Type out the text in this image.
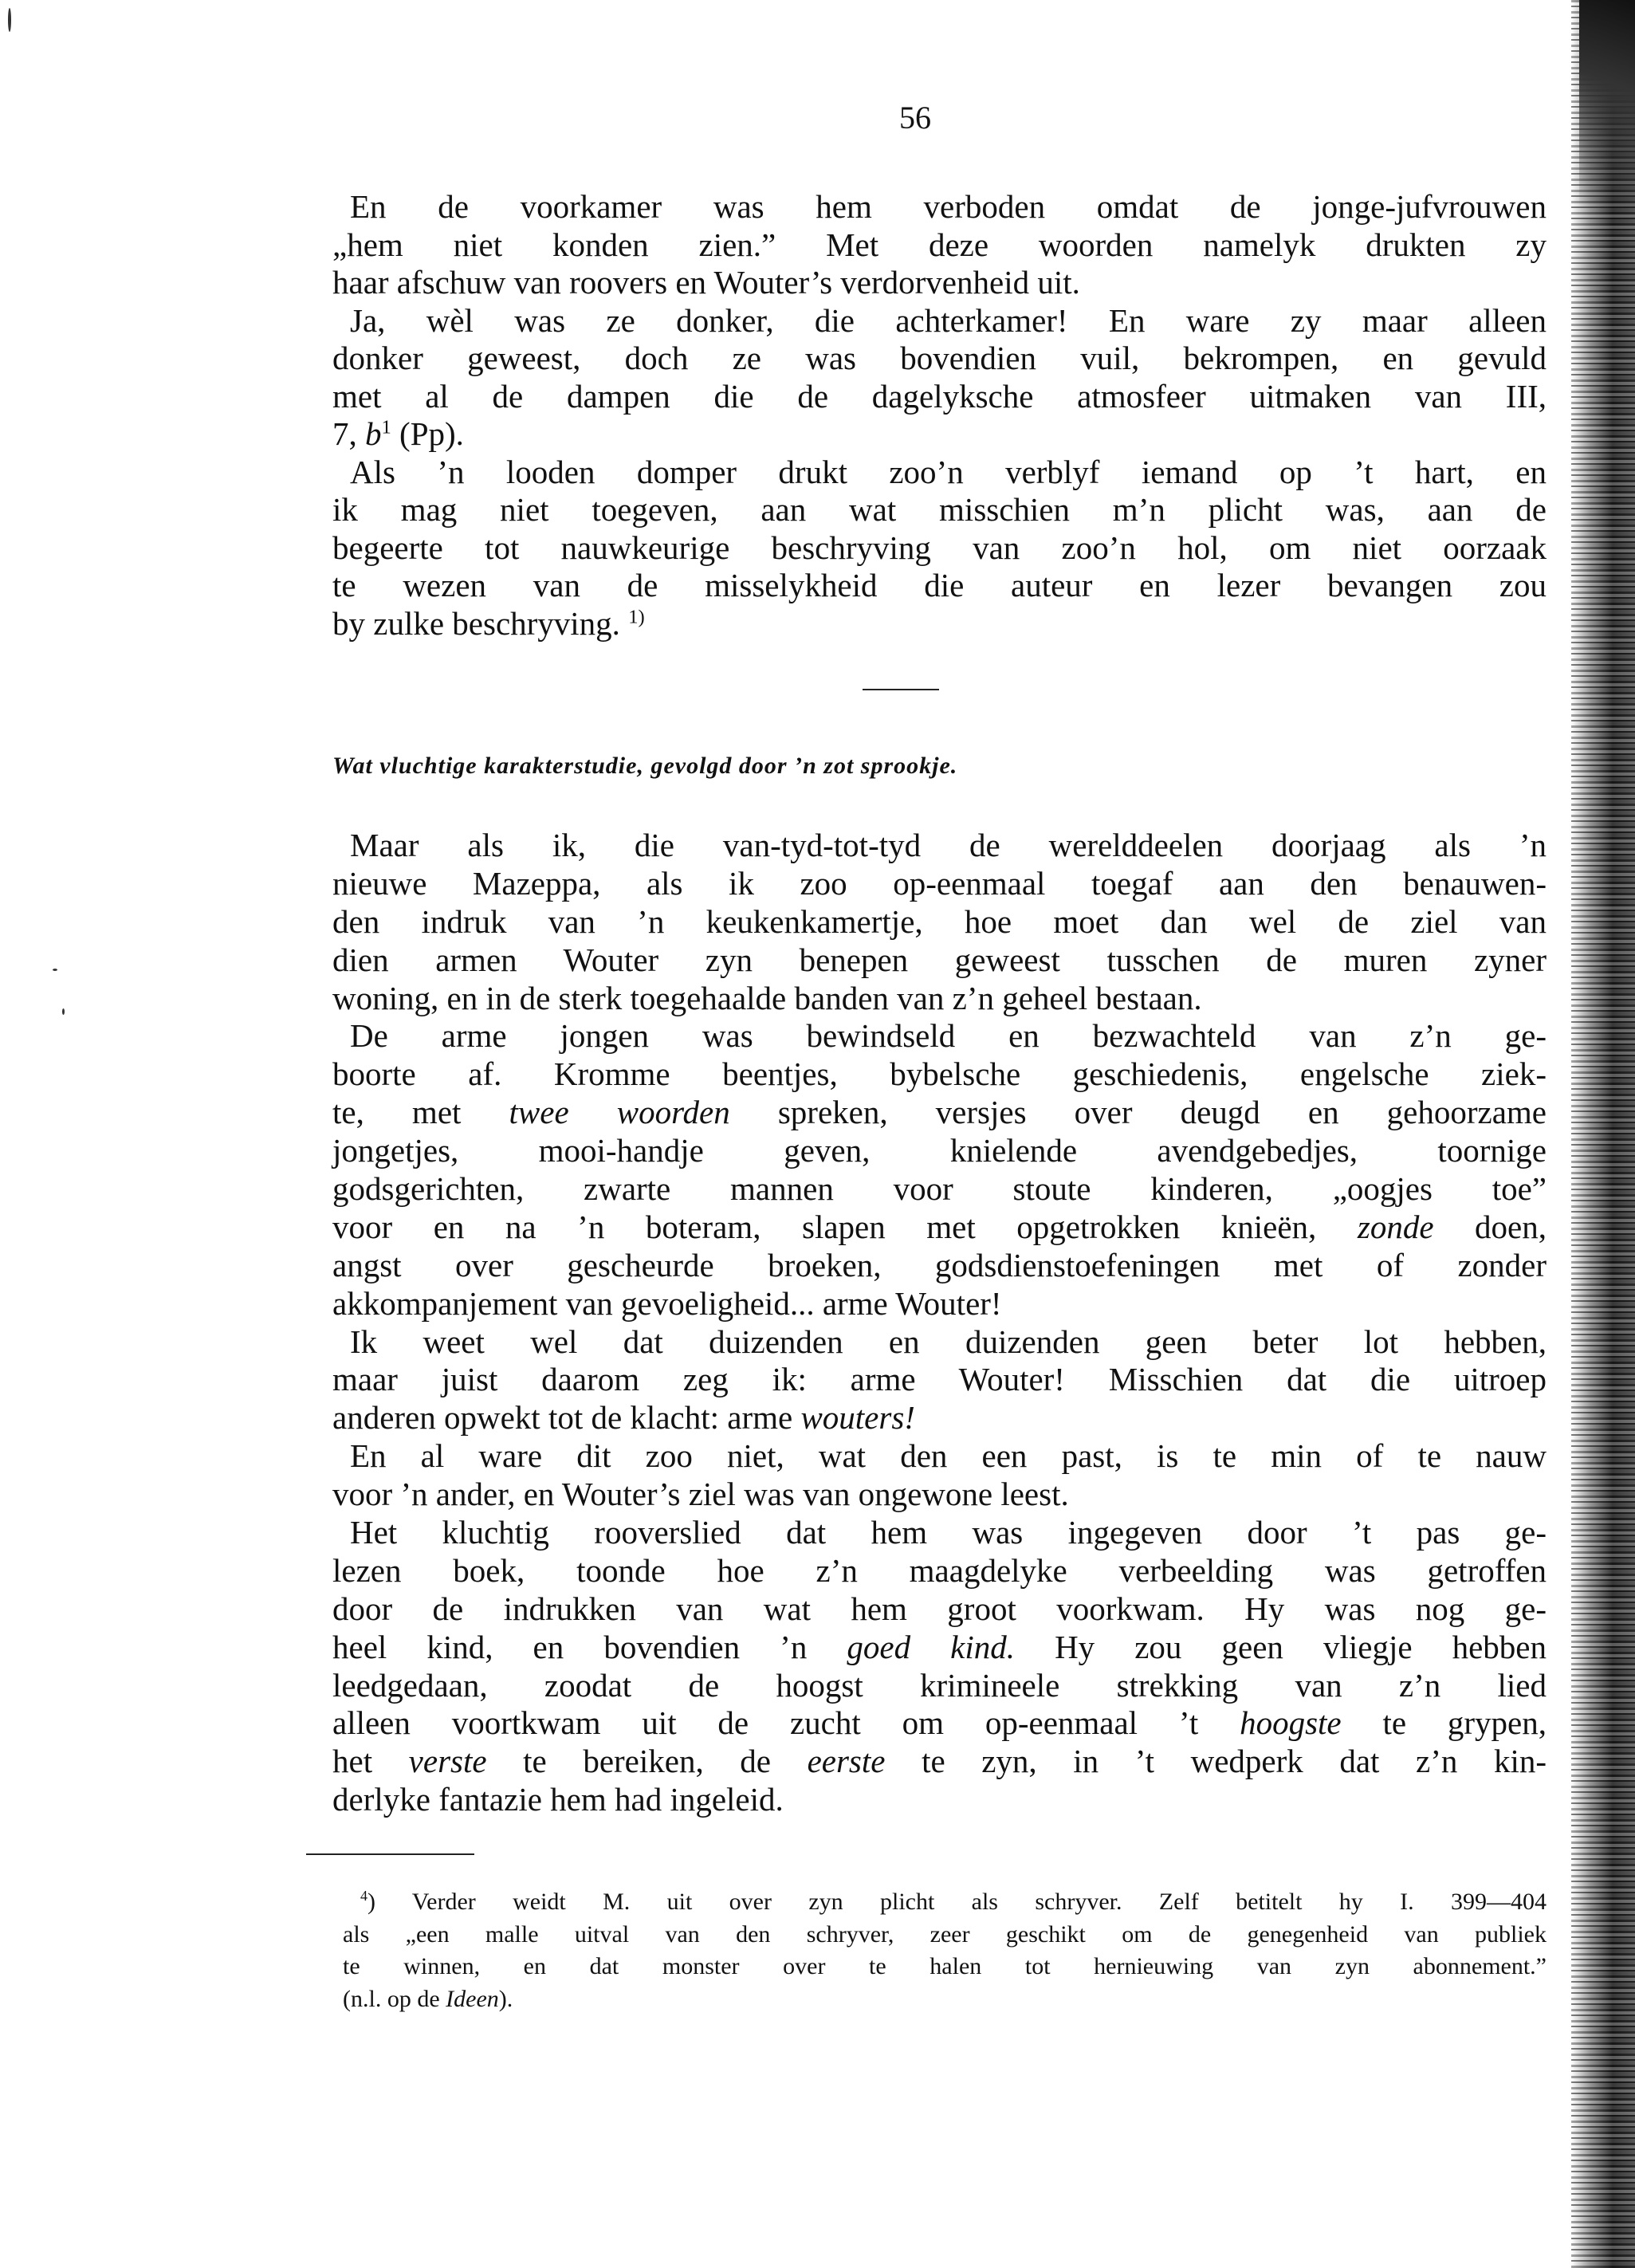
56
En de voorkamer was hem verboden omdat de jonge-jufvrouwen
„hem niet konden zien.” Met deze woorden namelyk drukten zy
haar afschuw van roovers en Wouter’s verdorvenheid uit.
Ja, wèl was ze donker, die achterkamer! En ware zy maar alleen
donker geweest, doch ze was bovendien vuil, bekrompen, en gevuld
met al de dampen die de dagelyksche atmosfeer uitmaken van III,
7, $b^1$ (Pp).
Als ’n looden domper drukt zoo’n verblyf iemand op ’t hart, en
ik mag niet toegeven, aan wat misschien m’n plicht was, aan de
begeerte tot nauwkeurige beschryving van zoo’n hol, om niet oorzaak
te wezen van de misselykheid die auteur en lezer bevangen zou
by zulke beschryving. $^{1)}$
Wat vluchtige karakterstudie, gevolgd door ’n zot sprookje.
Maar als ik, die van-tyd-tot-tyd de werelddeelen doorjaag als ’n
nieuwe Mazeppa, als ik zoo op-eenmaal toegaf aan den benauwen-
den indruk van ’n keukenkamertje, hoe moet dan wel de ziel van
dien armen Wouter zyn benepen geweest tusschen de muren zyner
woning, en in de sterk toegehaalde banden van z’n geheel bestaan.
De arme jongen was bewindseld en bezwachteld van z’n ge-
boorte af. Kromme beentjes, bybelsche geschiedenis, engelsche ziek-
te, met twee woorden spreken, versjes over deugd en gehoorzame
jongetjes, mooi-handje geven, knielende avendgebedjes, toornige
godsgerichten, zwarte mannen voor stoute kinderen, „oogjes toe”
voor en na ’n boteram, slapen met opgetrokken knieën, zonde doen,
angst over gescheurde broeken, godsdienstoefeningen met of zonder
akkompanjement van gevoeligheid... arme Wouter!
Ik weet wel dat duizenden en duizenden geen beter lot hebben,
maar juist daarom zeg ik: arme Wouter! Misschien dat die uitroep
anderen opwekt tot de klacht: arme wouters!
En al ware dit zoo niet, wat den een past, is te min of te nauw
voor ’n ander, en Wouter’s ziel was van ongewone leest.
Het kluchtig rooverslied dat hem was ingegeven door ’t pas ge-
lezen boek, toonde hoe z’n maagdelyke verbeelding was getroffen
door de indrukken van wat hem groot voorkwam. Hy was nog ge-
heel kind, en bovendien ’n goed kind. Hy zou geen vliegje hebben
leedgedaan, zoodat de hoogst krimineele strekking van z’n lied
alleen voortkwam uit de zucht om op-eenmaal ’t hoogste te grypen,
het verste te bereiken, de eerste te zyn, in ’t wedperk dat z’n kin-
derlyke fantazie hem had ingeleid.
$^4$) Verder weidt M. uit over zyn plicht als schryver. Zelf betitelt hy I. 399—404
als „een malle uitval van den schryver, zeer geschikt om de genegenheid van publiek
te winnen, en dat monster over te halen tot hernieuwing van zyn abonnement.”
(n.l. op de Ideen).
